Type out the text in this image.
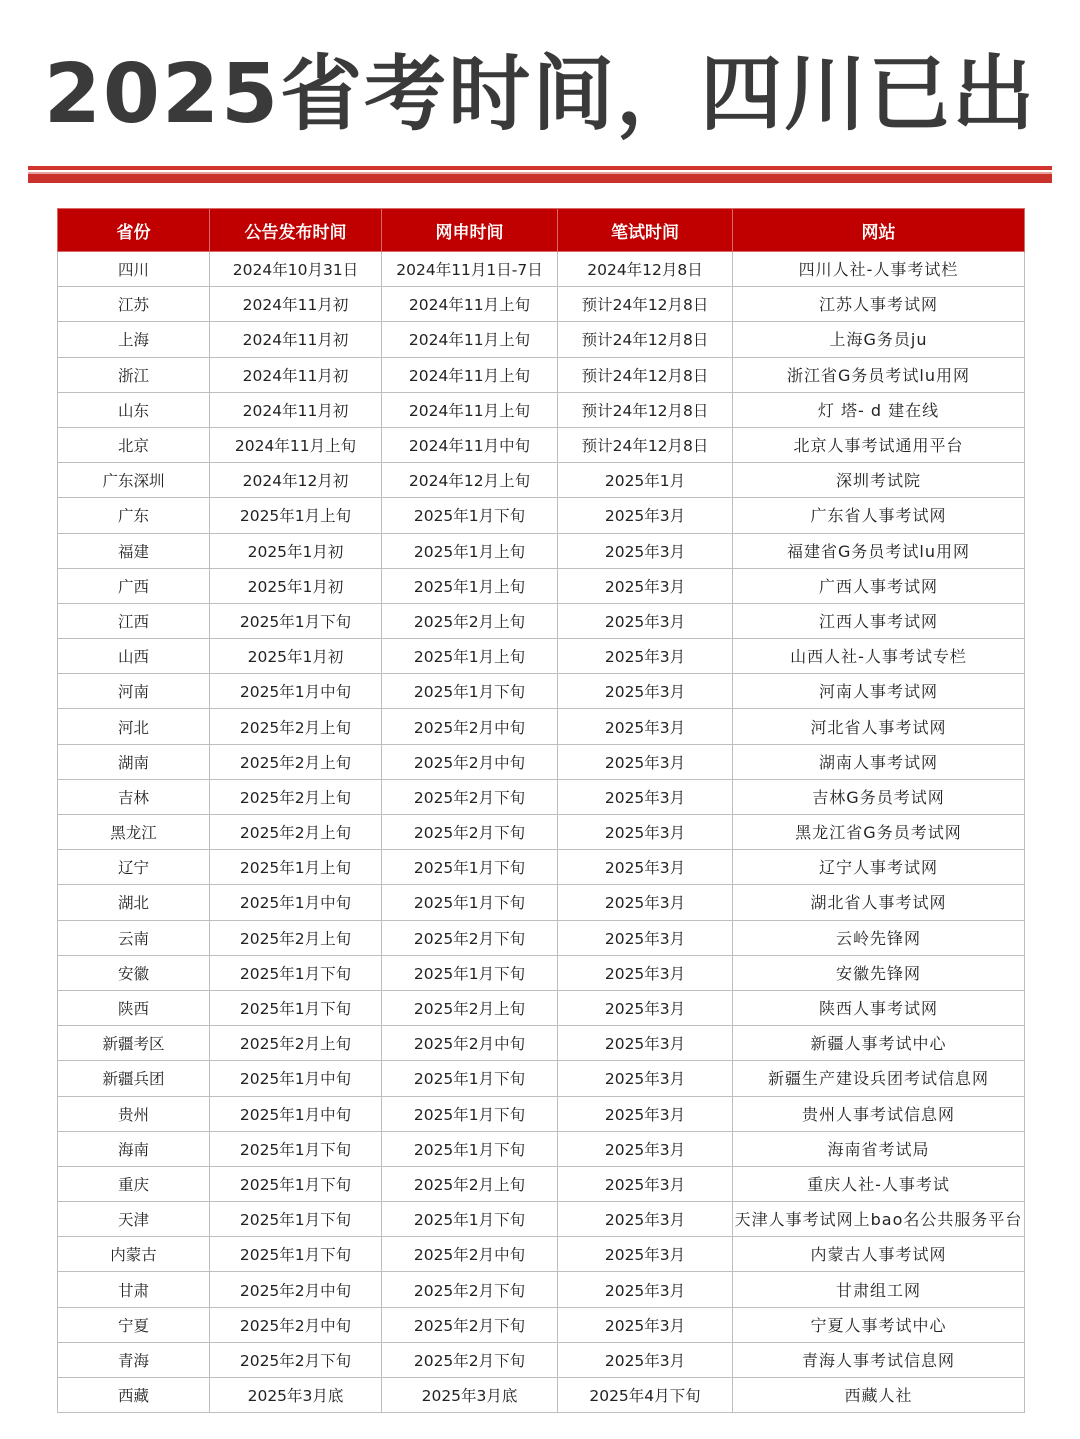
2025省考时间，四川已出
省份	公告发布时间	网申时间	笔试时间	网站

四川	2024年10月31日	2024年11月1日-7日	2024年12月8日	四川人社-人事考试栏

江苏	2024年11月初	2024年11月上旬	预计24年12月8日	江苏人事考试网

上海	2024年11月初	2024年11月上旬	预计24年12月8日	上海G务员ju

浙江	2024年11月初	2024年11月上旬	预计24年12月8日	浙江省G务员考试lu用网

山东	2024年11月初	2024年11月上旬	预计24年12月8日	灯 塔- d 建在线

北京	2024年11月上旬	2024年11月中旬	预计24年12月8日	北京人事考试通用平台

广东深圳	2024年12月初	2024年12月上旬	2025年1月	深圳考试院

广东	2025年1月上旬	2025年1月下旬	2025年3月	广东省人事考试网

福建	2025年1月初	2025年1月上旬	2025年3月	福建省G务员考试lu用网

广西	2025年1月初	2025年1月上旬	2025年3月	广西人事考试网

江西	2025年1月下旬	2025年2月上旬	2025年3月	江西人事考试网

山西	2025年1月初	2025年1月上旬	2025年3月	山西人社-人事考试专栏

河南	2025年1月中旬	2025年1月下旬	2025年3月	河南人事考试网

河北	2025年2月上旬	2025年2月中旬	2025年3月	河北省人事考试网

湖南	2025年2月上旬	2025年2月中旬	2025年3月	湖南人事考试网

吉林	2025年2月上旬	2025年2月下旬	2025年3月	吉林G务员考试网

黑龙江	2025年2月上旬	2025年2月下旬	2025年3月	黑龙江省G务员考试网

辽宁	2025年1月上旬	2025年1月下旬	2025年3月	辽宁人事考试网

湖北	2025年1月中旬	2025年1月下旬	2025年3月	湖北省人事考试网

云南	2025年2月上旬	2025年2月下旬	2025年3月	云岭先锋网

安徽	2025年1月下旬	2025年1月下旬	2025年3月	安徽先锋网

陕西	2025年1月下旬	2025年2月上旬	2025年3月	陕西人事考试网

新疆考区	2025年2月上旬	2025年2月中旬	2025年3月	新疆人事考试中心

新疆兵团	2025年1月中旬	2025年1月下旬	2025年3月	新疆生产建设兵团考试信息网

贵州	2025年1月中旬	2025年1月下旬	2025年3月	贵州人事考试信息网

海南	2025年1月下旬	2025年1月下旬	2025年3月	海南省考试局

重庆	2025年1月下旬	2025年2月上旬	2025年3月	重庆人社-人事考试

天津	2025年1月下旬	2025年1月下旬	2025年3月	天津人事考试网上bao名公共服务平台

内蒙古	2025年1月下旬	2025年2月中旬	2025年3月	内蒙古人事考试网

甘肃	2025年2月中旬	2025年2月下旬	2025年3月	甘肃组工网

宁夏	2025年2月中旬	2025年2月下旬	2025年3月	宁夏人事考试中心

青海	2025年2月下旬	2025年2月下旬	2025年3月	青海人事考试信息网

西藏	2025年3月底	2025年3月底	2025年4月下旬	西藏人社
